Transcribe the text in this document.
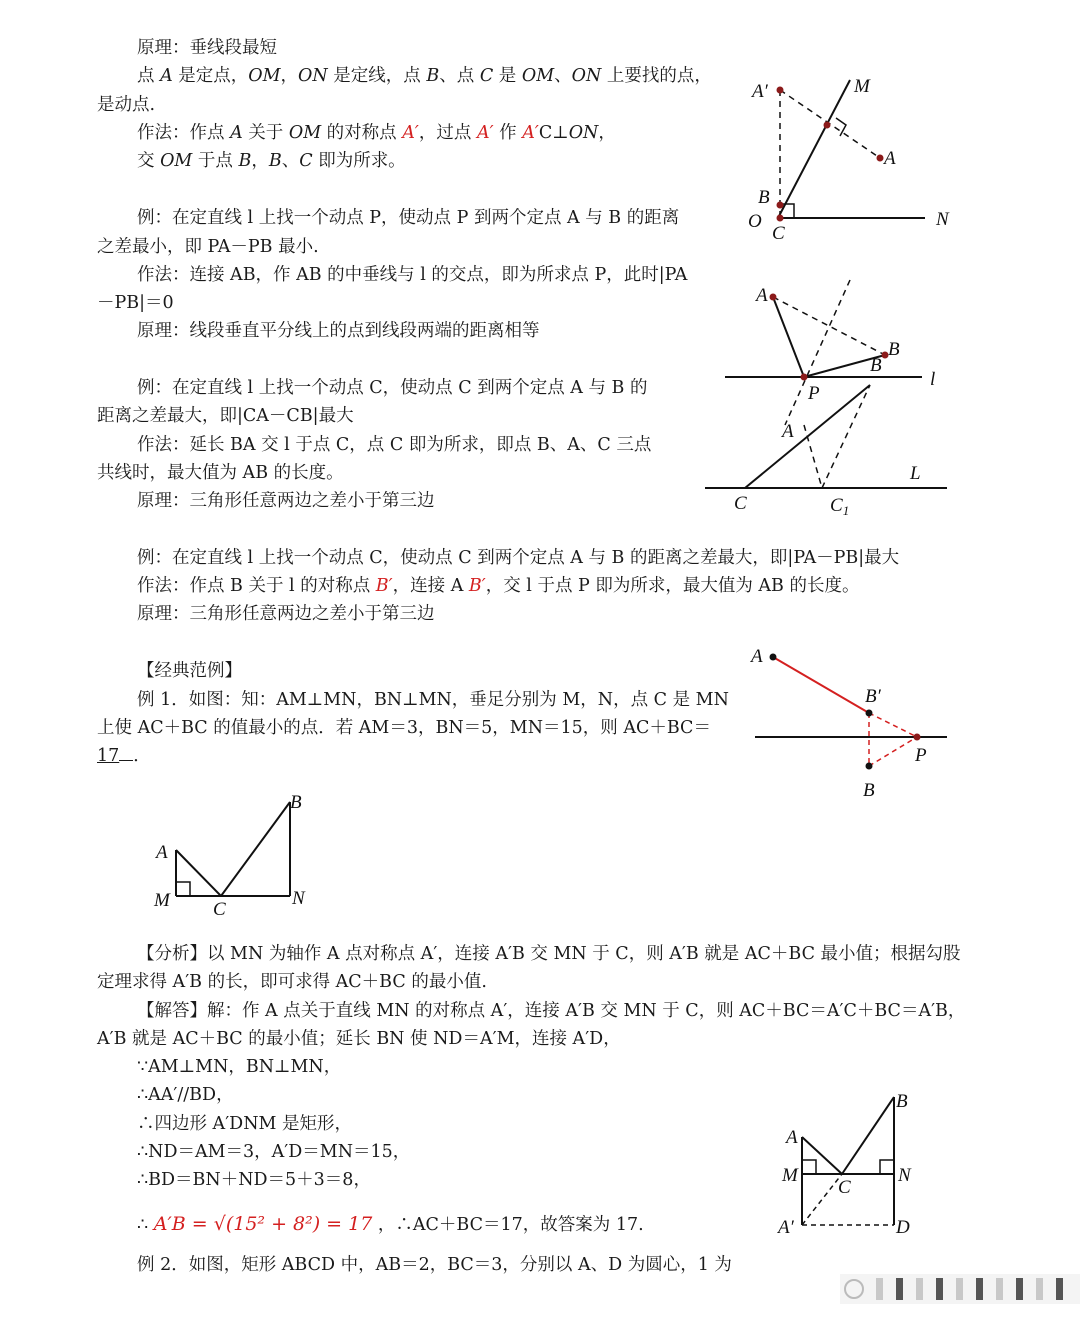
原理：垂线段最短
点 A 是定点，OM，ON 是定线，点 B、点 C 是 OM、ON 上要找的点，
是动点.
作法：作点 A 关于 OM 的对称点 A′，过点 A′ 作 A′C⊥ON，
交 OM 于点 B，B、C 即为所求。
例：在定直线 l 上找一个动点 P，使动点 P 到两个定点 A 与 B 的距离
之差最小，即 PA－PB 最小.
作法：连接 AB，作 AB 的中垂线与 l 的交点，即为所求点 P，此时|PA
－PB|＝0
原理：线段垂直平分线上的点到线段两端的距离相等
例：在定直线 l 上找一个动点 C，使动点 C 到两个定点 A 与 B 的
距离之差最大，即|CA－CB|最大
作法：延长 BA 交 l 于点 C，点 C 即为所求，即点 B、A、C 三点
共线时，最大值为 AB 的长度。
原理：三角形任意两边之差小于第三边
例：在定直线 l 上找一个动点 C，使动点 C 到两个定点 A 与 B 的距离之差最大，即|PA－PB|最大
作法：作点 B 关于 l 的对称点 B′，连接 A B′，交 l 于点 P 即为所求，最大值为 AB 的长度。
原理：三角形任意两边之差小于第三边
【经典范例】
例 1．如图：知：AM⊥MN，BN⊥MN，垂足分别为 M，N，点 C 是 MN
上使 AC＋BC 的值最小的点．若 AM＝3，BN＝5，MN＝15，则 AC＋BC＝
17 ．
【分析】以 MN 为轴作 A 点对称点 A′，连接 A′B 交 MN 于 C，则 A′B 就是 AC＋BC 最小值；根据勾股
定理求得 A′B 的长，即可求得 AC＋BC 的最小值.
【解答】解：作 A 点关于直线 MN 的对称点 A′，连接 A′B 交 MN 于 C，则 AC＋BC＝A′C＋BC＝A′B，
A′B 就是 AC＋BC 的最小值；延长 BN 使 ND＝A′M，连接 A′D，
∵AM⊥MN，BN⊥MN，
∴AA′//BD，
∴四边形 A′DNM 是矩形，
∴ND＝AM＝3，A′D＝MN＝15，
∴BD＝BN＋ND＝5＋3＝8，
∴ A′B = √(15² + 8²) = 17 ，∴AC＋BC＝17，故答案为 17.
例 2．如图，矩形 ABCD 中，AB＝2，BC＝3，分别以 A、D 为圆心，1 为
A′	M
A
B
O
C
N
A
B
B
P
l
A
L
C	$C_1$
A
B′
P
B
B
A
M C
N
B
A
M
C
N
A′	D
